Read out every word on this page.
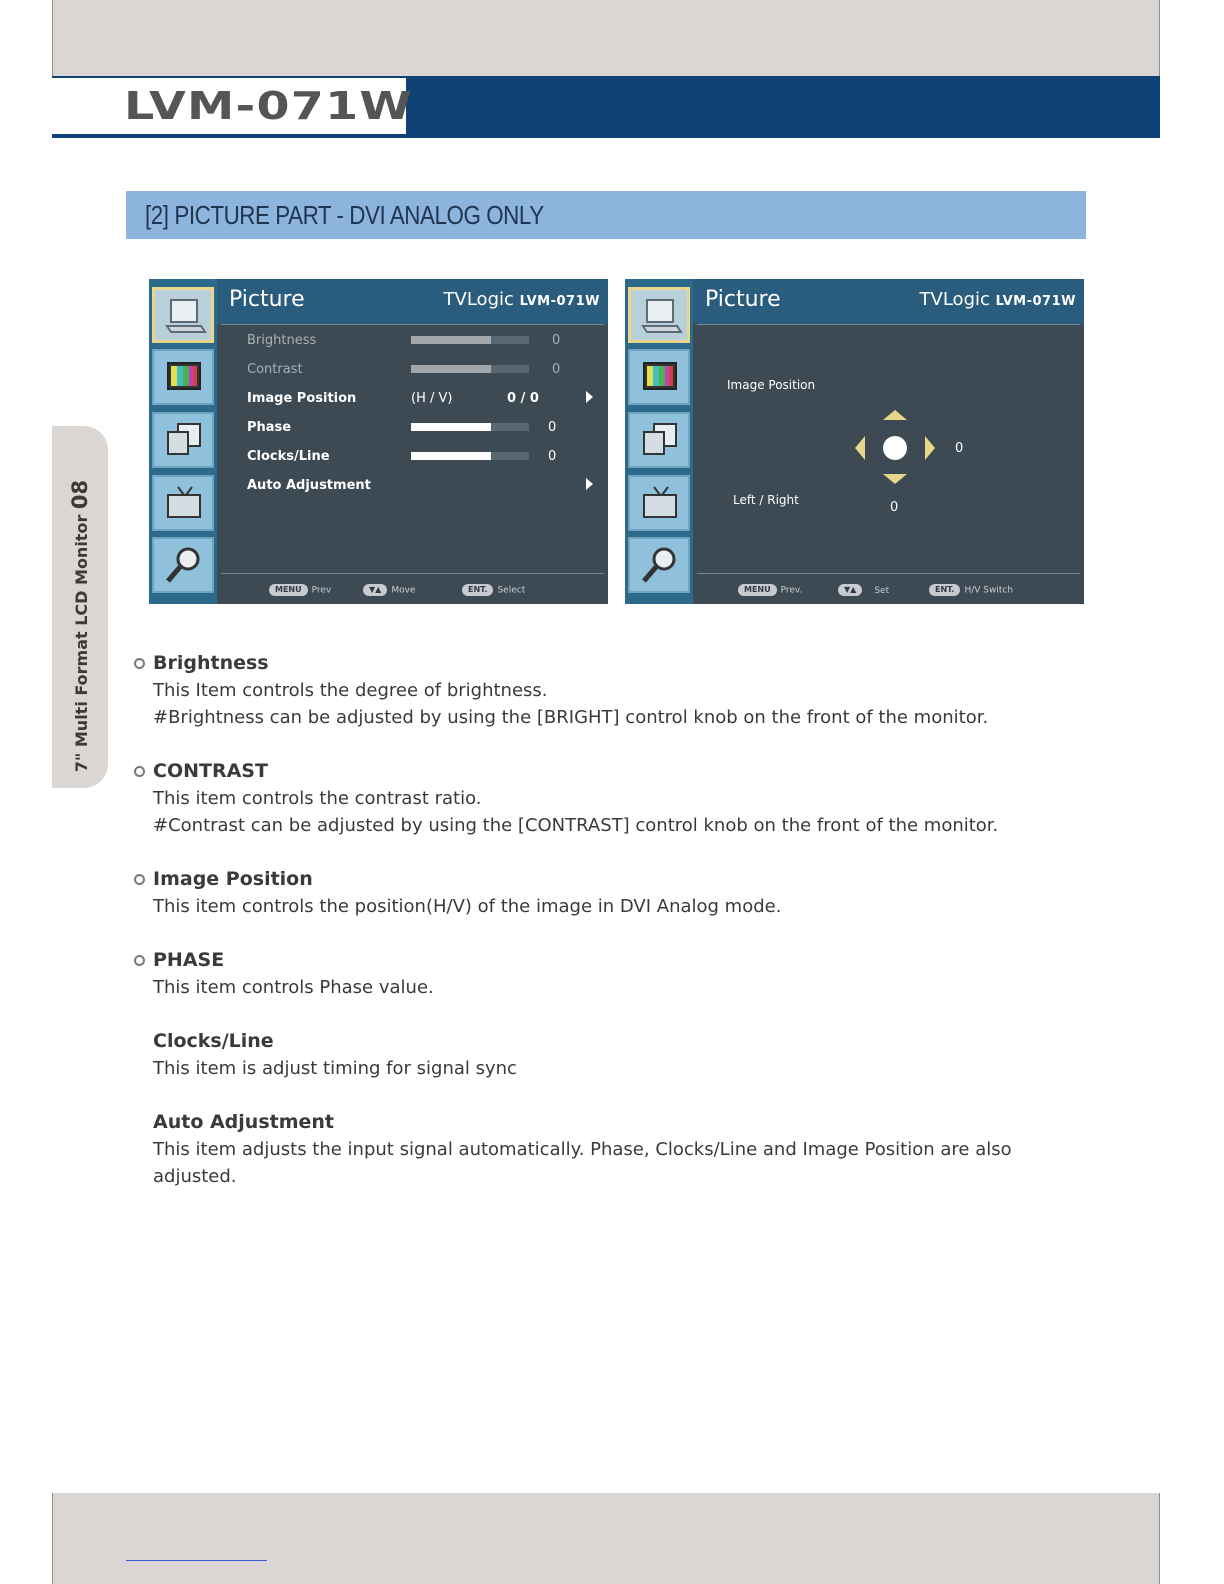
LVM-071W
[2] PICTURE PART - DVI ANALOG ONLY
7" Multi Format LCD Monitor 08
Picture	TVLogic LVM-071W
Brightness	0
Contrast	0
Image Position	(H / V)	0 / 0
Phase	0
Clocks/Line	0
Auto Adjustment
MENU Prev	▼▲ Move	ENT. Select
Picture	TVLogic LVM-071W
Image Position
Left / Right
0
0
MENU Prev.	▼▲ Set	ENT. H/V Switch
Brightness
This Item controls the degree of brightness.
#Brightness can be adjusted by using the [BRIGHT] control knob on the front of the monitor.
CONTRAST
This item controls the contrast ratio.
#Contrast can be adjusted by using the [CONTRAST] control knob on the front of the monitor.
Image Position
This item controls the position(H/V) of the image in DVI Analog mode.
PHASE
This item controls Phase value.
Clocks/Line
This item is adjust timing for signal sync
Auto Adjustment
This item adjusts the input signal automatically. Phase, Clocks/Line and Image Position are also
adjusted.
